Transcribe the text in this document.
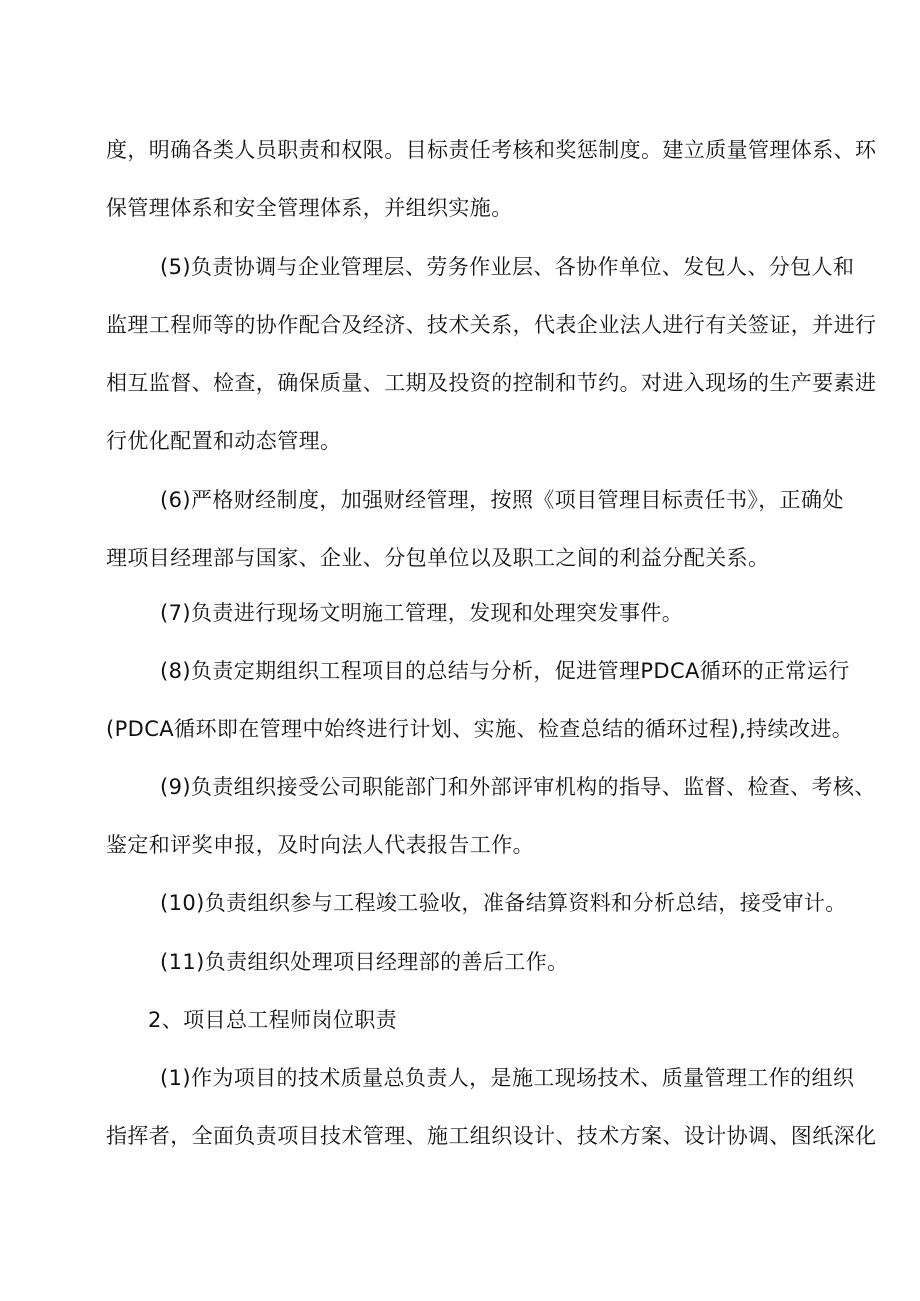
度，明确各类人员职责和权限。目标责任考核和奖惩制度。建立质量管理体系、环
保管理体系和安全管理体系，并组织实施。
(5)负责协调与企业管理层、劳务作业层、各协作单位、发包人、分包人和
监理工程师等的协作配合及经济、技术关系，代表企业法人进行有关签证，并进行
相互监督、检查，确保质量、工期及投资的控制和节约。对进入现场的生产要素进
行优化配置和动态管理。
(6)严格财经制度，加强财经管理，按照《项目管理目标责任书》，正确处
理项目经理部与国家、企业、分包单位以及职工之间的利益分配关系。
(7)负责进行现场文明施工管理，发现和处理突发事件。
(8)负责定期组织工程项目的总结与分析，促进管理PDCA循环的正常运行
(PDCA循环即在管理中始终进行计划、实施、检查总结的循环过程),持续改进。
(9)负责组织接受公司职能部门和外部评审机构的指导、监督、检查、考核、
鉴定和评奖申报，及时向法人代表报告工作。
(10)负责组织参与工程竣工验收，准备结算资料和分析总结，接受审计。
(11)负责组织处理项目经理部的善后工作。
2、项目总工程师岗位职责
(1)作为项目的技术质量总负责人，是施工现场技术、质量管理工作的组织
指挥者，全面负责项目技术管理、施工组织设计、技术方案、设计协调、图纸深化
